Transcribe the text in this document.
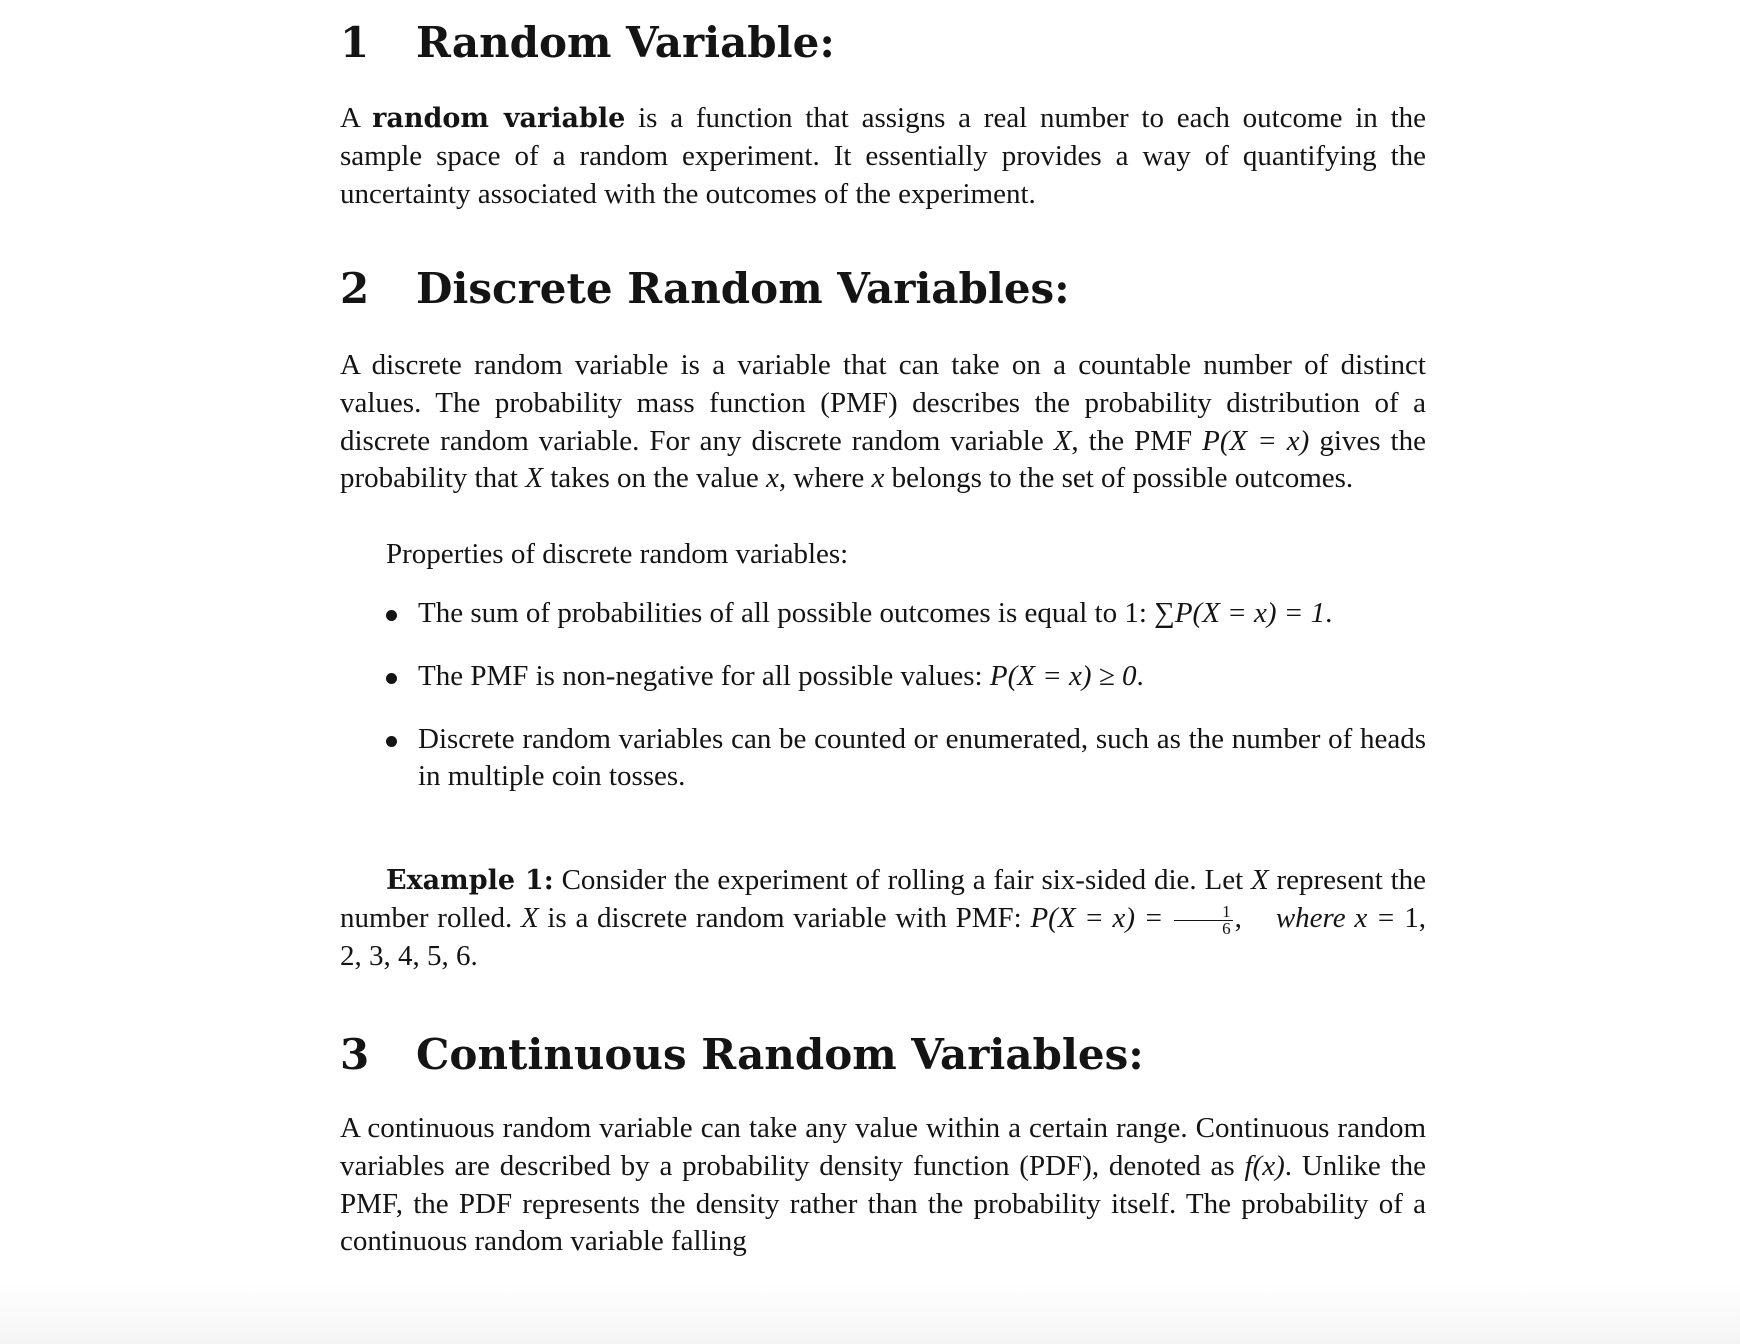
1	Random Variable:

A random variable is a function that assigns a real number to each outcome in the sample space of a random experiment. It essentially provides a way of quantifying the uncertainty associated with the outcomes of the experiment.

2	Discrete Random Variables:

A discrete random variable is a variable that can take on a countable number of distinct values. The probability mass function (PMF) describes the probability distribution of a discrete random variable. For any discrete random variable X, the PMF P(X = x) gives the probability that X takes on the value x, where x belongs to the set of possible outcomes.

Properties of discrete random variables:

The sum of probabilities of all possible outcomes is equal to 1: ∑P(X = x) = 1.
The PMF is non-negative for all possible values: P(X = x) ≥ 0.
Discrete random variables can be counted or enumerated, such as the number of heads in multiple coin tosses.

Example 1: Consider the experiment of rolling a fair six-sided die. Let X represent the number rolled. X is a discrete random variable with PMF: $P(X = x) = \frac{1}{6}$ , where x = 1, 2, 3, 4, 5, 6.

3	Continuous Random Variables:

A continuous random variable can take any value within a certain range. Continuous random variables are described by a probability density function (PDF), denoted as f(x). Unlike the PMF, the PDF represents the density rather than the probability itself. The probability of a continuous random variable falling
